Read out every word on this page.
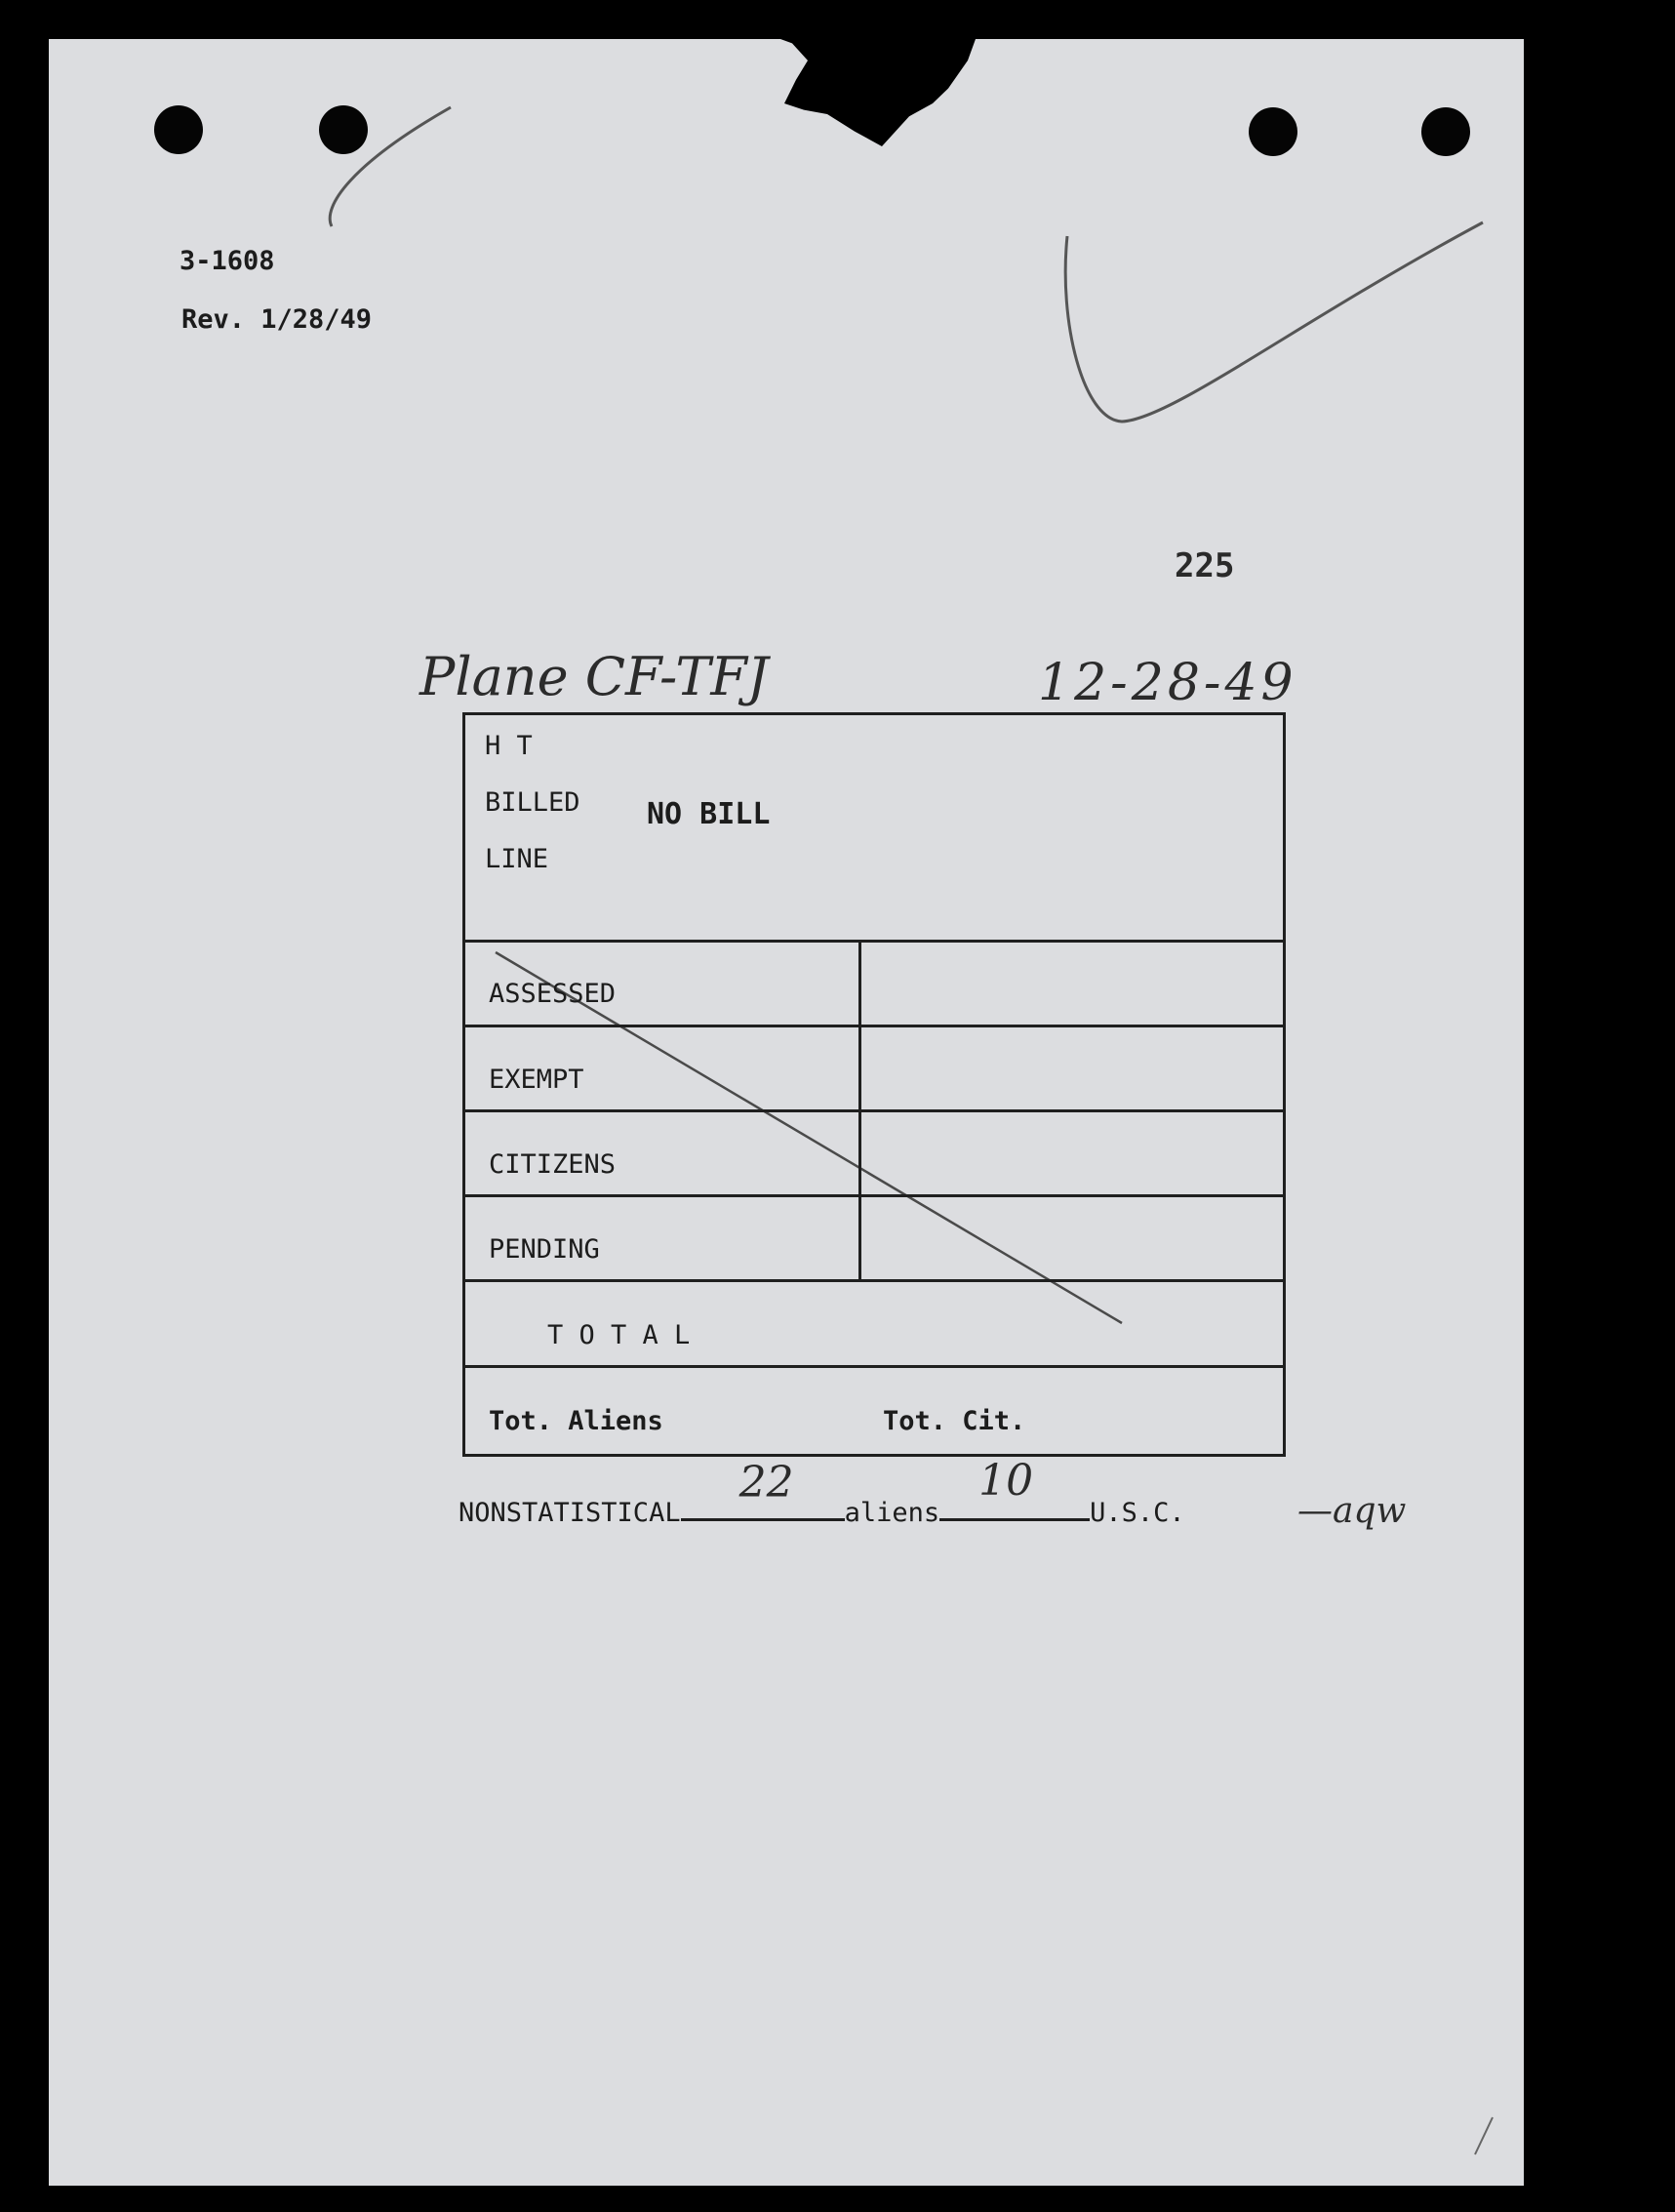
3-1608
Rev. 1/28/49
225
Plane CF-TFJ	12-28-49
H T
BILLED
LINE
NO BILL
ASSESSED
EXEMPT
CITIZENS
PENDING
T O T A L
Tot. Aliens	Tot. Cit.
NONSTATISTICAL
22
aliens
10
U.S.C.	—aqw
